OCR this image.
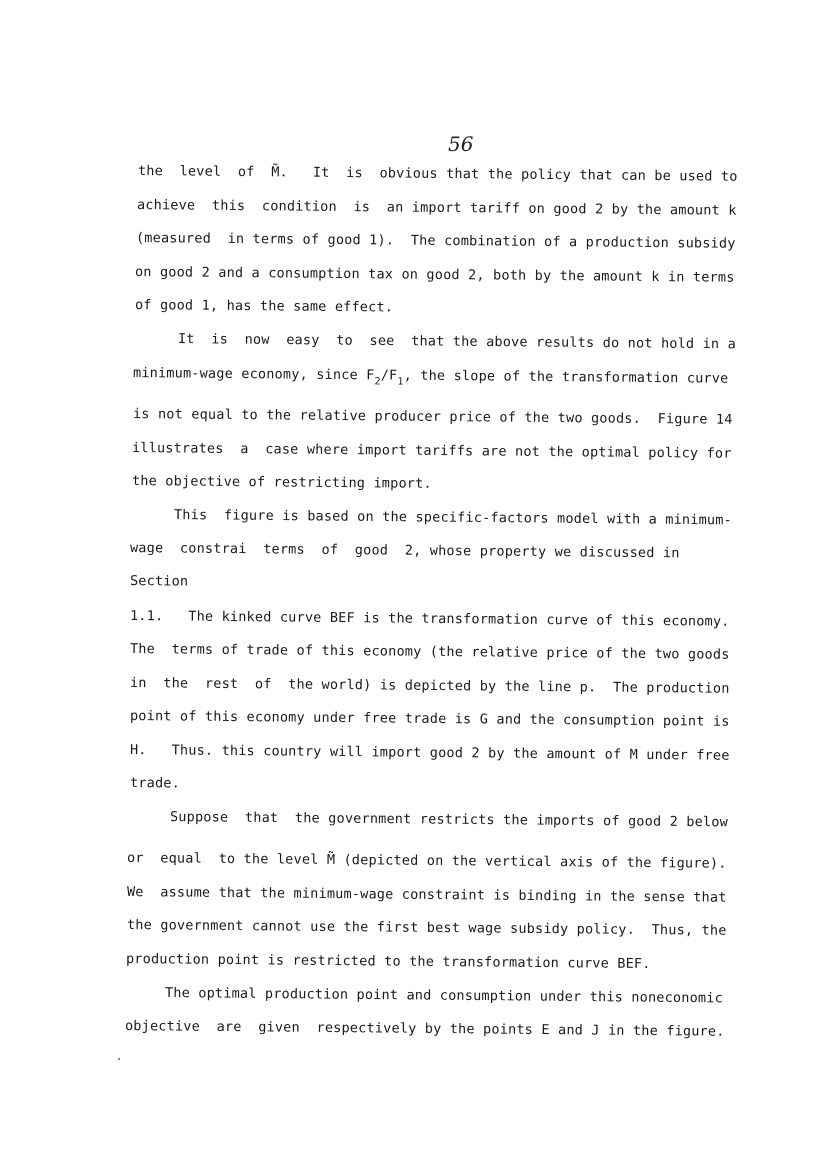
56
the  level  of  M̃.   It  is  obvious that the policy that can be used to
achieve  this  condition  is  an import tariff on good 2 by the amount k
(measured  in terms of good 1).  The combination of a production subsidy
on good 2 and a consumption tax on good 2, both by the amount k in terms
of good 1, has the same effect.
It  is  now  easy  to  see  that the above results do not hold in a
minimum-wage economy, since $F_2/F_1$, the slope of the transformation curve
is not equal to the relative producer price of the two goods.  Figure 14
illustrates  a  case where import tariffs are not the optimal policy for
the objective of restricting import.
This  figure is based on the specific-factors model with a minimum-
wage  constrai  terms  of  good  2, whose property we discussed in
Section
1.1.   The kinked curve BEF is the transformation curve of this economy.
The  terms of trade of this economy (the relative price of the two goods
in  the  rest  of  the world) is depicted by the line p.  The production
point of this economy under free trade is G and the consumption point is
H.   Thus. this country will import good 2 by the amount of M under free
trade.
Suppose  that  the government restricts the imports of good 2 below
or  equal  to the level M̃ (depicted on the vertical axis of the figure).
We  assume that the minimum-wage constraint is binding in the sense that
the government cannot use the first best wage subsidy policy.  Thus, the
production point is restricted to the transformation curve BEF.
The optimal production point and consumption under this noneconomic
objective  are  given  respectively by the points E and J in the figure.
